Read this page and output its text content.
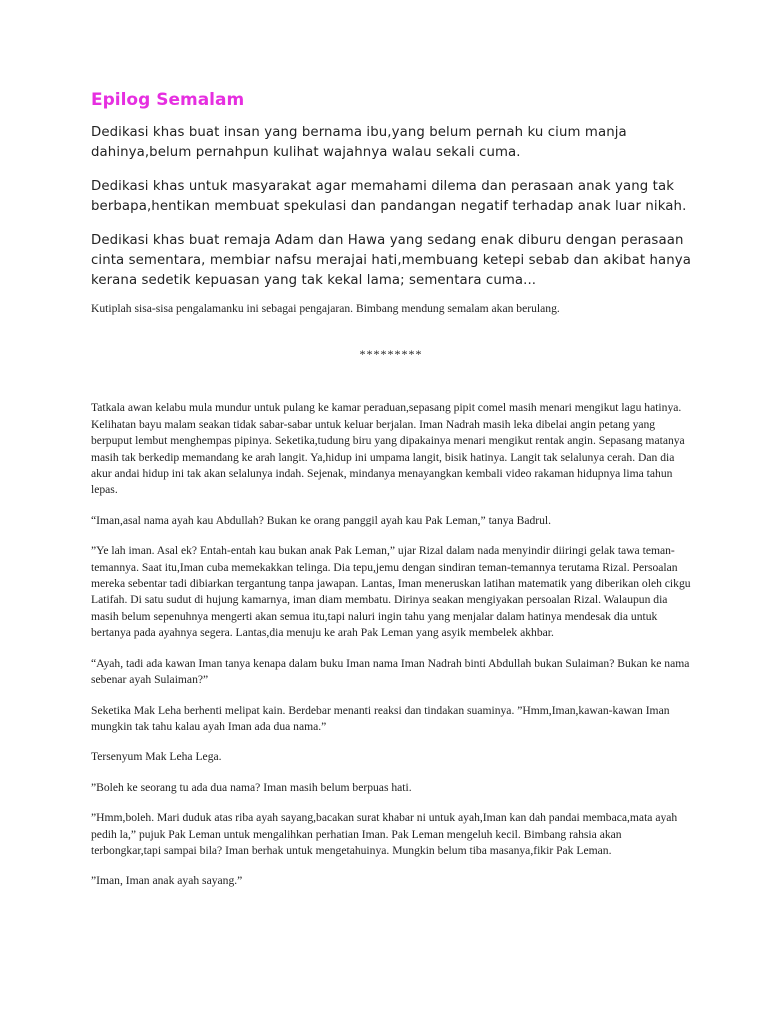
Epilog Semalam

Dedikasi khas buat insan yang bernama ibu,yang belum pernah ku cium manja dahinya,belum pernahpun kulihat wajahnya walau sekali cuma.

Dedikasi khas untuk masyarakat agar memahami dilema dan perasaan anak yang tak berbapa,hentikan membuat spekulasi dan pandangan negatif terhadap anak luar nikah.

Dedikasi khas buat remaja Adam dan Hawa yang sedang enak diburu dengan perasaan cinta sementara, membiar nafsu merajai hati,membuang ketepi sebab dan akibat hanya kerana sedetik kepuasan yang tak kekal lama; sementara cuma...

Kutiplah sisa-sisa pengalamanku ini sebagai pengajaran. Bimbang mendung semalam akan berulang.

*********

Tatkala awan kelabu mula mundur untuk pulang ke kamar peraduan,sepasang pipit comel masih menari mengikut lagu hatinya. Kelihatan bayu malam seakan tidak sabar-sabar untuk keluar berjalan. Iman Nadrah masih leka dibelai angin petang yang berpuput lembut menghempas pipinya. Seketika,tudung biru yang dipakainya menari mengikut rentak angin. Sepasang matanya masih tak berkedip memandang ke arah langit. Ya,hidup ini umpama langit, bisik hatinya. Langit tak selalunya cerah. Dan dia akur andai hidup ini tak akan selalunya indah. Sejenak, mindanya menayangkan kembali video rakaman hidupnya lima tahun lepas.

“Iman,asal nama ayah kau Abdullah? Bukan ke orang panggil ayah kau Pak Leman,” tanya Badrul.

”Ye lah iman. Asal ek? Entah-entah kau bukan anak Pak Leman,” ujar Rizal dalam nada menyindir diiringi gelak tawa teman-temannya. Saat itu,Iman cuba memekakkan telinga. Dia tepu,jemu dengan sindiran teman-temannya terutama Rizal. Persoalan mereka sebentar tadi dibiarkan tergantung tanpa jawapan. Lantas, Iman meneruskan latihan matematik yang diberikan oleh cikgu Latifah. Di satu sudut di hujung kamarnya, iman diam membatu. Dirinya seakan mengiyakan persoalan Rizal. Walaupun dia masih belum sepenuhnya mengerti akan semua itu,tapi naluri ingin tahu yang menjalar dalam hatinya mendesak dia untuk bertanya pada ayahnya segera. Lantas,dia menuju ke arah Pak Leman yang asyik membelek akhbar.

“Ayah, tadi ada kawan Iman tanya kenapa dalam buku Iman nama Iman Nadrah binti Abdullah bukan Sulaiman? Bukan ke nama sebenar ayah Sulaiman?”

Seketika Mak Leha berhenti melipat kain. Berdebar menanti reaksi dan tindakan suaminya. ”Hmm,Iman,kawan-kawan Iman mungkin tak tahu kalau ayah Iman ada dua nama.”

Tersenyum Mak Leha Lega.

”Boleh ke seorang tu ada dua nama? Iman masih belum berpuas hati.

”Hmm,boleh. Mari duduk atas riba ayah sayang,bacakan surat khabar ni untuk ayah,Iman kan dah pandai membaca,mata ayah pedih la,” pujuk Pak Leman untuk mengalihkan perhatian Iman. Pak Leman mengeluh kecil. Bimbang rahsia akan terbongkar,tapi sampai bila? Iman berhak untuk mengetahuinya. Mungkin belum tiba masanya,fikir Pak Leman.

”Iman, Iman anak ayah sayang.”
